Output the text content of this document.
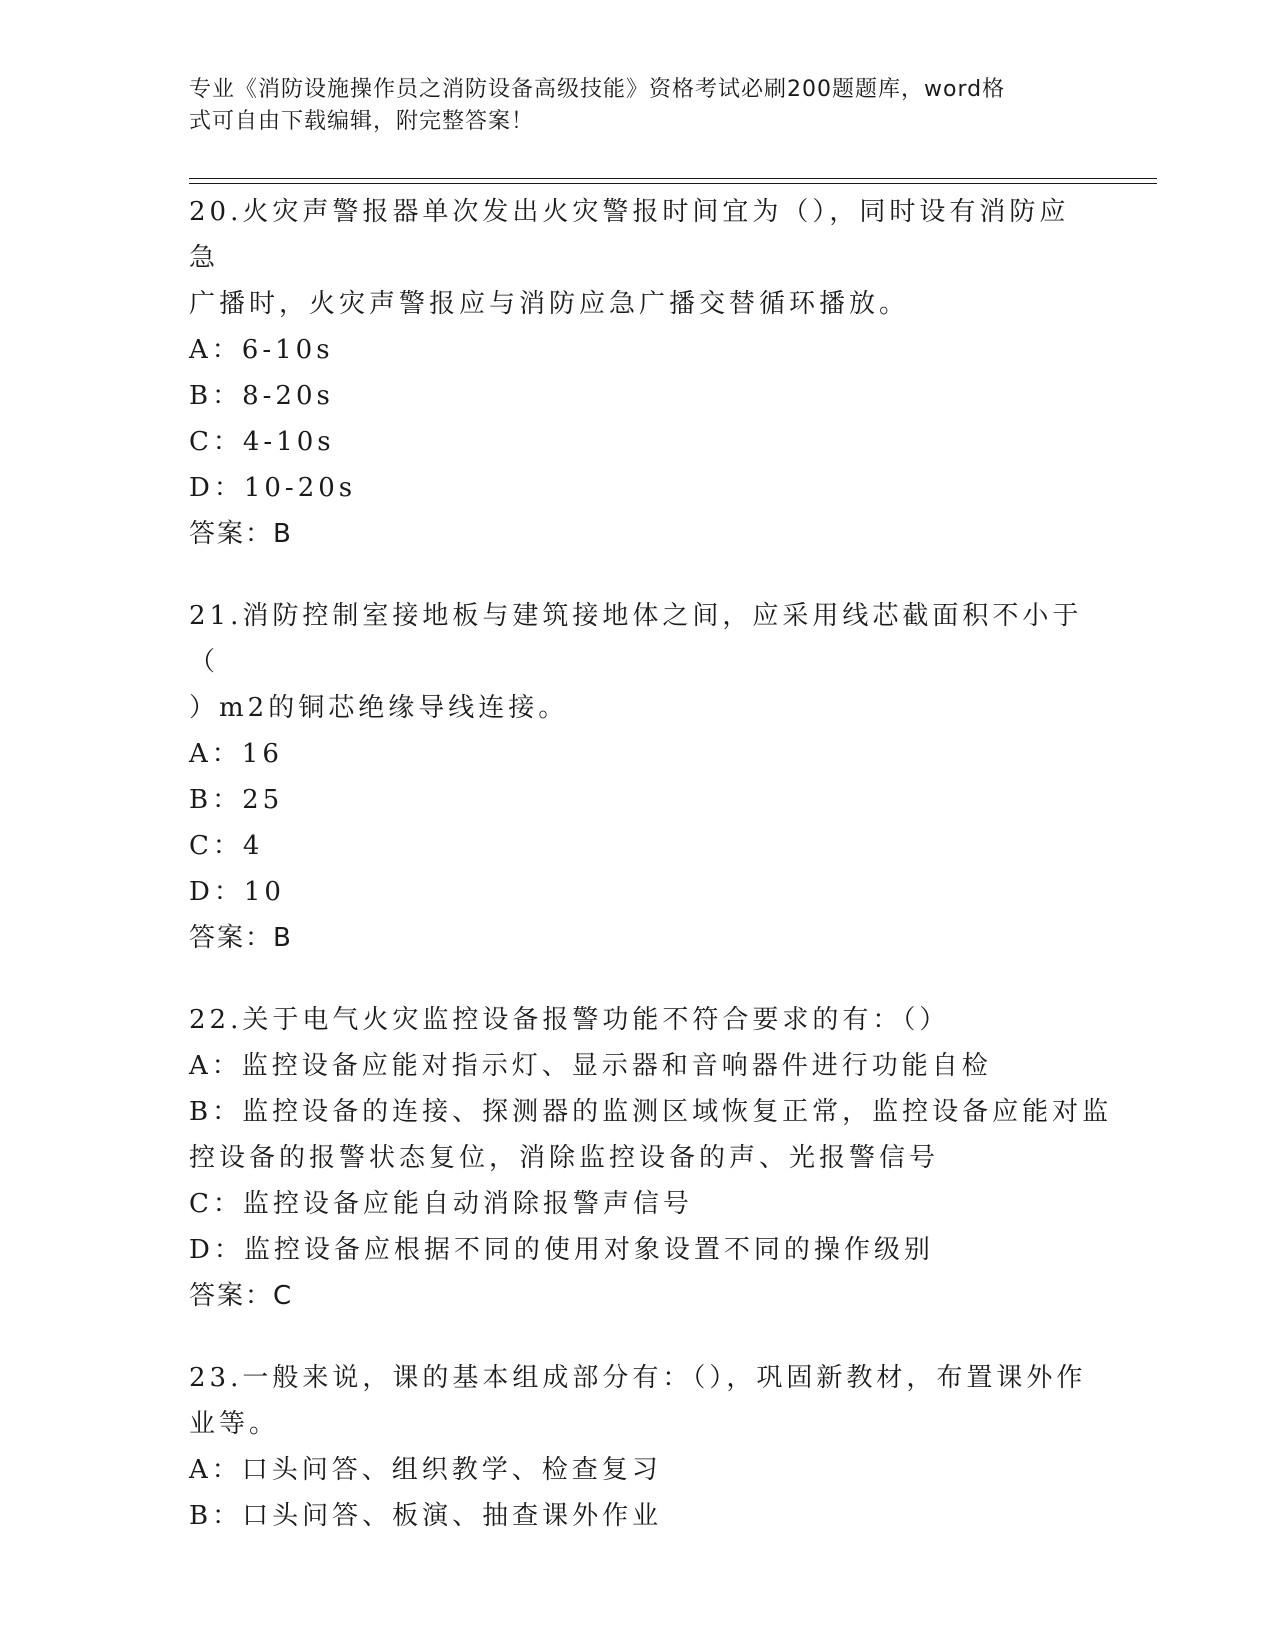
专业《消防设施操作员之消防设备高级技能》资格考试必刷200题题库，word格
式可自由下载编辑，附完整答案！
20.火灾声警报器单次发出火灾警报时间宜为（），同时设有消防应急
广播时，火灾声警报应与消防应急广播交替循环播放。
A：6-10s
B：8-20s
C：4-10s
D：10-20s
答案：B
21.消防控制室接地板与建筑接地体之间，应采用线芯截面积不小于（
）m2的铜芯绝缘导线连接。
A：16
B：25
C：4
D：10
答案：B
22.关于电气火灾监控设备报警功能不符合要求的有：（）
A：监控设备应能对指示灯、显示器和音响器件进行功能自检
B：监控设备的连接、探测器的监测区域恢复正常，监控设备应能对监
控设备的报警状态复位，消除监控设备的声、光报警信号
C：监控设备应能自动消除报警声信号
D：监控设备应根据不同的使用对象设置不同的操作级别
答案：C
23.一般来说，课的基本组成部分有：（），巩固新教材，布置课外作
业等。
A：口头问答、组织教学、检查复习
B：口头问答、板演、抽查课外作业
